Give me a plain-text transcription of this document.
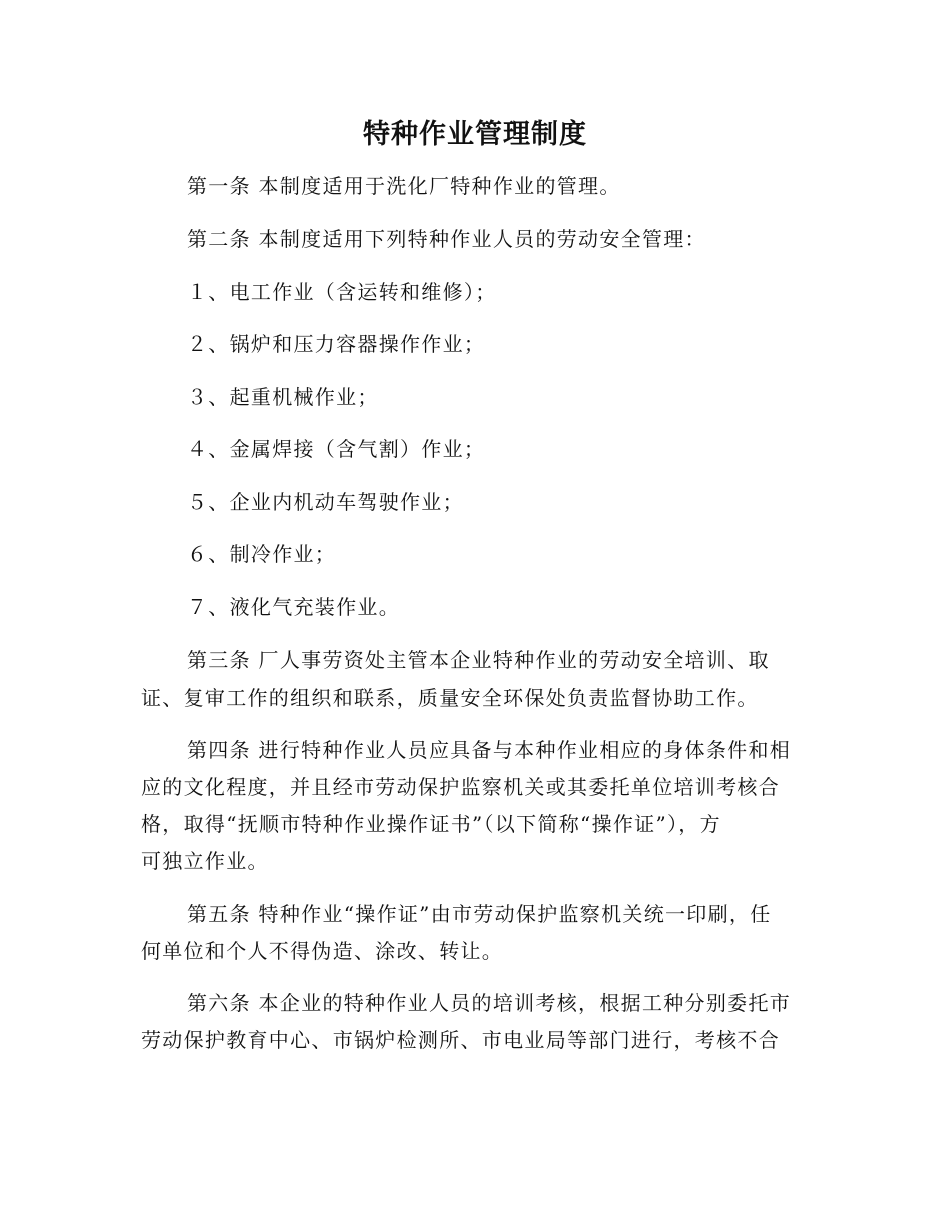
特种作业管理制度
第一条 本制度适用于洗化厂特种作业的管理。
第二条 本制度适用下列特种作业人员的劳动安全管理：
１、电工作业（含运转和维修）；
２、锅炉和压力容器操作作业；
３、起重机械作业；
４、金属焊接（含气割）作业；
５、企业内机动车驾驶作业；
６、制冷作业；
７、液化气充装作业。
第三条 厂人事劳资处主管本企业特种作业的劳动安全培训、取
证、复审工作的组织和联系，质量安全环保处负责监督协助工作。
第四条 进行特种作业人员应具备与本种作业相应的身体条件和相
应的文化程度，并且经市劳动保护监察机关或其委托单位培训考核合
格，取得“抚顺市特种作业操作证书”（以下简称“操作证”），方
可独立作业。
第五条 特种作业“操作证”由市劳动保护监察机关统一印刷，任
何单位和个人不得伪造、涂改、转让。
第六条 本企业的特种作业人员的培训考核，根据工种分别委托市
劳动保护教育中心、市锅炉检测所、市电业局等部门进行，考核不合
